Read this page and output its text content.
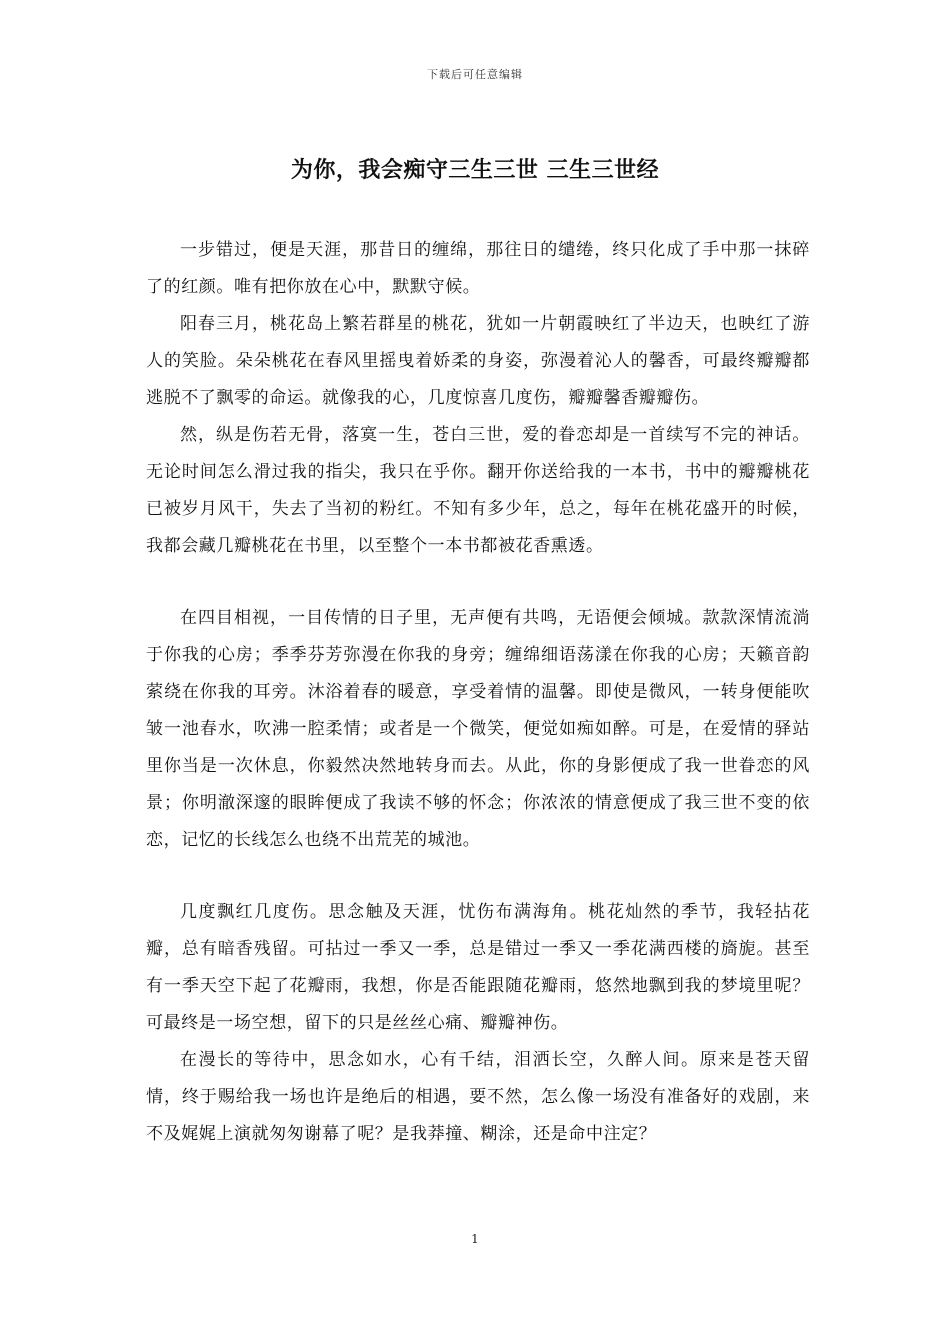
下载后可任意编辑
为你，我会痴守三生三世 三生三世经

一步错过，便是天涯，那昔日的缠绵，那往日的缱绻，终只化成了手中那一抹碎了的红颜。唯有把你放在心中，默默守候。

阳春三月，桃花岛上繁若群星的桃花，犹如一片朝霞映红了半边天，也映红了游人的笑脸。朵朵桃花在春风里摇曳着娇柔的身姿，弥漫着沁人的馨香，可最终瓣瓣都逃脱不了飘零的命运。就像我的心，几度惊喜几度伤，瓣瓣馨香瓣瓣伤。

然，纵是伤若无骨，落寞一生，苍白三世，爱的眷恋却是一首续写不完的神话。无论时间怎么滑过我的指尖，我只在乎你。翻开你送给我的一本书，书中的瓣瓣桃花已被岁月风干，失去了当初的粉红。不知有多少年，总之，每年在桃花盛开的时候，我都会藏几瓣桃花在书里，以至整个一本书都被花香熏透。

在四目相视，一目传情的日子里，无声便有共鸣，无语便会倾城。款款深情流淌于你我的心房；季季芬芳弥漫在你我的身旁；缠绵细语荡漾在你我的心房；天籁音韵萦绕在你我的耳旁。沐浴着春的暖意，享受着情的温馨。即使是微风，一转身便能吹皱一池春水，吹沸一腔柔情；或者是一个微笑，便觉如痴如醉。可是，在爱情的驿站里你当是一次休息，你毅然决然地转身而去。从此，你的身影便成了我一世眷恋的风景；你明澈深邃的眼眸便成了我读不够的怀念；你浓浓的情意便成了我三世不变的依恋，记忆的长线怎么也绕不出荒芜的城池。

几度飘红几度伤。思念触及天涯，忧伤布满海角。桃花灿然的季节，我轻拈花瓣，总有暗香残留。可拈过一季又一季，总是错过一季又一季花满西楼的旖旎。甚至有一季天空下起了花瓣雨，我想，你是否能跟随花瓣雨，悠然地飘到我的梦境里呢？可最终是一场空想，留下的只是丝丝心痛、瓣瓣神伤。

在漫长的等待中，思念如水，心有千结，泪洒长空，久醉人间。原来是苍天留情，终于赐给我一场也许是绝后的相遇，要不然，怎么像一场没有准备好的戏剧，来不及娓娓上演就匆匆谢幕了呢？是我莽撞、糊涂，还是命中注定？

1
